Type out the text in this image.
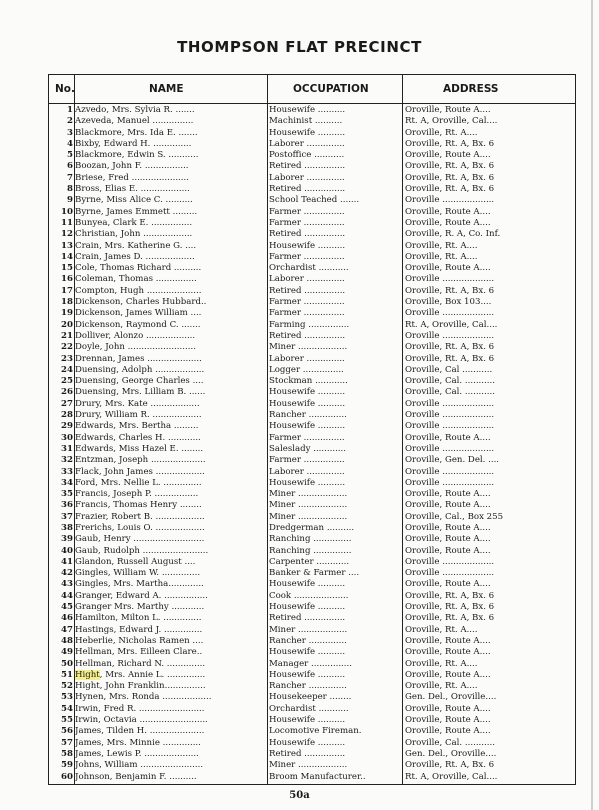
THOMPSON FLAT PRECINCT
No.	NAME	OCCUPATION	ADDRESS
1 Azvedo, Mrs. Sylvia R. .......	Housewife ..........	Oroville, Route A....
2 Azeveda, Manuel ...............	Machinist ..........	Rt. A, Oroville, Cal....
3 Blackmore, Mrs. Ida E. .......	Housewife ..........	Oroville, Rt. A....
4 Bixby, Edward H. ..............	Laborer ..............	Oroville, Rt. A, Bx. 6
5 Blackmore, Edwin S. ...........	Postoffice ...........	Oroville, Route A....
6 Boozan, John F. ................	Retired ...............	Oroville, Rt. A, Bx. 6
7 Briese, Fred .....................	Laborer ..............	Oroville, Rt. A, Bx. 6
8 Bross, Elias E. ..................	Retired ...............	Oroville, Rt. A, Bx. 6
9 Byrne, Miss Alice C. ..........	School Teached .......	Oroville ...................
10 Byrne, James Emmett .........	Farmer ...............	Oroville, Route A....
11 Bunyea, Clark E. ...............	Farmer ...............	Oroville, Route A....
12 Christian, John ..................	Retired ...............	Oroville, R. A, Co. Inf.
13 Crain, Mrs. Katherine G. ....	Housewife ..........	Oroville, Rt. A....
14 Crain, James D. ..................	Farmer ...............	Oroville, Rt. A....
15 Cole, Thomas Richard ..........	Orchardist ...........	Oroville, Route A....
16 Coleman, Thomas ...............	Laborer ..............	Oroville ...................
17 Compton, Hugh ....................	Retired ...............	Oroville, Rt. A, Bx. 6
18 Dickenson, Charles Hubbard..	Farmer ...............	Oroville, Box 103....
19 Dickenson, James William ....	Farmer ...............	Oroville ...................
20 Dickenson, Raymond C. .......	Farming ...............	Rt. A, Oroville, Cal....
21 Dolliver, Alonzo ..................	Retired ...............	Oroville ...................
22 Doyle, John .........................	Miner ..................	Oroville, Rt. A, Bx. 6
23 Drennan, James ....................	Laborer ..............	Oroville, Rt. A, Bx. 6
24 Duensing, Adolph ..................	Logger ...............	Oroville, Cal ...........
25 Duensing, George Charles ....	Stockman ............	Oroville, Cal. ...........
26 Duensing, Mrs. Lilliam B. ......	Housewife ..........	Oroville, Cal. ...........
27 Drury, Mrs. Kate ..................	Housewife ..........	Oroville ...................
28 Drury, William R. ..................	Rancher ..............	Oroville ...................
29 Edwards, Mrs. Bertha .........	Housewife ..........	Oroville ...................
30 Edwards, Charles H. ............	Farmer ...............	Oroville, Route A....
31 Edwards, Miss Hazel E. ........	Saleslady ............	Oroville ...................
32 Entzman, Joseph ....................	Farmer ...............	Oroville, Gen. Del. ....
33 Flack, John James ..................	Laborer ..............	Oroville ...................
34 Ford, Mrs. Nellie L. ..............	Housewife ..........	Oroville ...................
35 Francis, Joseph P. ................	Miner ..................	Oroville, Route A....
36 Francis, Thomas Henry ........	Miner ..................	Oroville, Route A....
37 Frazier, Robert B. ..................	Miner ..................	Oroville, Cal., Box 255
38 Frerichs, Louis O. ..................	Dredgerman ..........	Oroville, Route A....
39 Gaub, Henry ..........................	Ranching ..............	Oroville, Route A....
40 Gaub, Rudolph ........................	Ranching ..............	Oroville, Route A....
41 Glandon, Russell August ....	Carpenter ............	Oroville ...................
42 Gingles, William W. ..............	Banker & Farmer ....	Oroville ...................
43 Gingles, Mrs. Martha.............	Housewife ..........	Oroville, Route A....
44 Granger, Edward A. ................	Cook ....................	Oroville, Rt. A, Bx. 6
45 Granger Mrs. Marthy ............	Housewife ..........	Oroville, Rt. A, Bx. 6
46 Hamilton, Milton L. ..............	Retired ...............	Oroville, Rt. A, Bx. 6
47 Hastings, Edward J. ..............	Miner ..................	Oroville, Rt. A....
48 Heberlie, Nicholas Ramen ....	Rancher ..............	Oroville, Route A....
49 Hellman, Mrs. Eilleen Clare..	Housewife ..........	Oroville, Route A....
50 Hellman, Richard N. ..............	Manager ...............	Oroville, Rt. A....
51 Hight, Mrs. Annie L. ..............	Housewife ..........	Oroville, Route A....
52 Hight, John Franklin...............	Rancher ..............	Oroville, Rt. A....
53 Hynen, Mrs. Ronda ..................	Housekeeper ........	Gen. Del., Oroville....
54 Irwin, Fred R. ........................	Orchardist ...........	Oroville, Route A....
55 Irwin, Octavia .........................	Housewife ..........	Oroville, Route A....
56 James, Tilden H. ....................	Locomotive Fireman.	Oroville, Route A....
57 James, Mrs. Minnie ..............	Housewife ..........	Oroville, Cal. ...........
58 James, Lewis P. ....................	Retired ...............	Gen. Del., Oroville....
59 Johns, William .......................	Miner ..................	Oroville, Rt. A, Bx. 6
60 Johnson, Benjamin F. ..........	Broom Manufacturer..	Rt. A, Oroville, Cal....
50a
